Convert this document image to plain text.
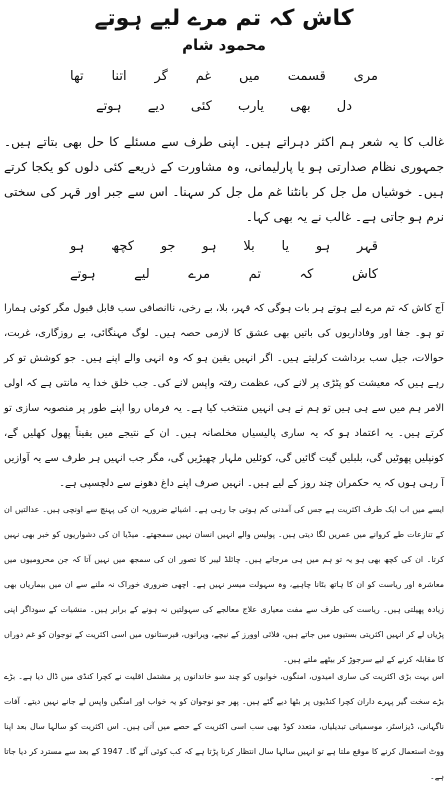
کاش کہ تم مرے لیے ہوتے
محمود شام
مری قسمت میں غم گر اتنا تھا
دل بھی یارب کئی دیے ہوتے

غالب کا یہ شعر ہم اکثر دہراتے ہیں۔ اپنی طرف سے مسئلے کا حل بھی بتاتے ہیں۔ جمہوری نظام صدارتی ہو یا پارلیمانی، وہ مشاورت کے ذریعے کئی دلوں کو یکجا کرتے ہیں۔ خوشیاں مل جل کر بانٹنا غم مل جل کر سہنا۔ اس سے جبر اور قہر کی سختی نرم ہو جاتی ہے۔ غالب نے یہ بھی کہا۔

قہر ہو یا بلا ہو جو کچھ ہو
کاش کہ تم مرے لیے ہوتے

آج کاش کہ تم مرے لیے ہوتے ہر بات ہوگی کہ قہر، بلا، بے رخی، ناانصافی سب قابل قبول مگر کوئی ہمارا تو ہو۔ جفا اور وفاداریوں کی باتیں بھی عشق کا لازمی حصہ ہیں۔ لوگ مہنگائی، بے روزگاری، غربت، حوالات، جیل سب برداشت کرلیتے ہیں۔ اگر انہیں یقین ہو کہ وہ انہی والے اپنے ہیں۔ جو کوشش تو کر رہے ہیں کہ معیشت کو پٹڑی پر لانے کی، عظمت رفتہ واپس لانے کی۔ جب خلق خدا یہ مانتی ہے کہ اولی الامر ہم میں سے ہی ہیں تو ہم نے ہی انہیں منتخب کیا ہے۔ یہ فرماں روا اپنے طور پر منصوبہ سازی تو کرتے ہیں۔ یہ اعتماد ہو کہ یہ ساری پالیسیاں مخلصانہ ہیں۔ ان کے نتیجے میں یقیناً پھول کھلیں گے، کونپلیں پھوٹیں گی، بلبلیں گیت گائیں گی، کوئلیں ملہار چھیڑیں گی، مگر جب انہیں ہر طرف سے یہ آوازیں آ رہی ہوں کہ یہ حکمران چند روز کے لیے ہیں۔ انہیں صرف اپنے داغ دھونے سے دلچسپی ہے۔

ایسے میں اب ایک طرف اکثریت ہے جس کی آمدنی کم ہوتی جا رہی ہے۔ اشیائے ضروریہ ان کی پہنچ سے اونچی ہیں۔ عدالتیں ان کے تنازعات طے کروانے میں عمریں لگا دیتی ہیں۔ پولیس والے انہیں انسان نہیں سمجھتے۔ میڈیا ان کی دشواریوں کو خبر بھی نہیں کرتا۔ ان کی کچھ بھی ہو یہ تو ہم میں ہی مرجاتے ہیں۔ چائلڈ لیبر کا تصور ان کی سمجھ میں نہیں آتا کہ جن محرومیوں میں معاشرہ اور ریاست کو ان کا ہاتھ بٹانا چاہیے، وہ سہولت میسر نہیں ہے۔ اچھی ضروری خوراک نہ ملنے سے ان میں بیماریاں بھی زیادہ پھیلتی ہیں۔ ریاست کی طرف سے مفت معیاری علاج معالجے کی سہولتیں نہ ہونے کے برابر ہیں۔ منشیات کے سوداگر اپنی پڑیاں لے کر انہیں اکثریتی بستیوں میں جاتے ہیں، فلائی اوورز کے نیچے، ویرانوں، قبرستانوں میں اسی اکثریت کے نوجوان کو غم دوراں کا مقابلہ کرنے کے لیے سرجوڑ کر بیٹھے ملتے ہیں۔

اس بہت بڑی اکثریت کی ساری امیدوں، امنگوں، خوابوں کو چند سو خاندانوں پر مشتمل اقلیت نے کچرا کنڈی میں ڈال دیا ہے۔ بڑے بڑے سخت گیر پہرے داران کچرا کنڈیوں پر بٹھا دیے گئے ہیں۔ پھر جو نوجوان کو یہ خواب اور امنگیں واپس لے جانے نہیں دیتے۔ آفات ناگہانی، ڈیزاسٹر، موسمیاتی تبدیلیاں، متعدد کوڈ بھی سب اسی اکثریت کے حصے میں آتی ہیں۔ اس اکثریت کو سالہا سال بعد اپنا ووٹ استعمال کرنے کا موقع ملتا ہے تو انہیں سالہا سال انتظار کرنا پڑتا ہے کہ کب کوئی آئے گا۔ 1947 کے بعد سے مسترد کر دیا جاتا ہے۔
